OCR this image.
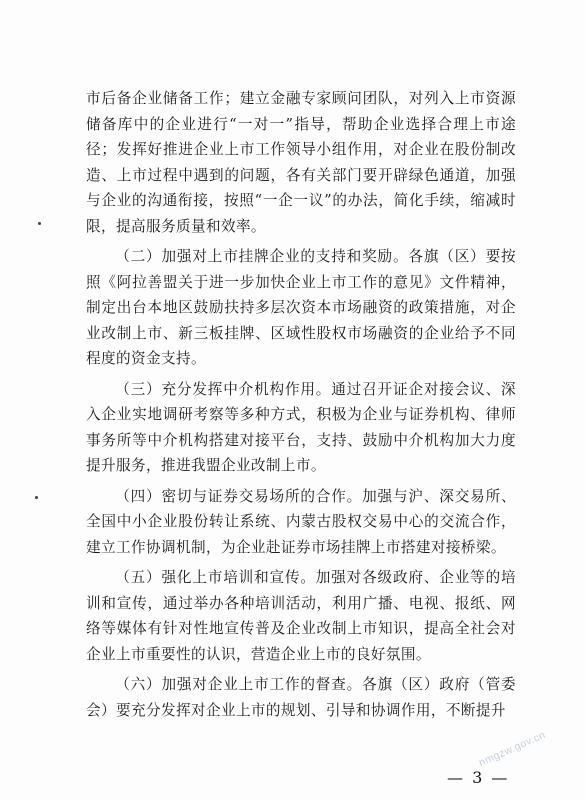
市后备企业储备工作；建立金融专家顾问团队，对列入上市资源储备库中的企业进行“一对一”指导，帮助企业选择合理上市途径；发挥好推进企业上市工作领导小组作用，对企业在股份制改造、上市过程中遇到的问题，各有关部门要开辟绿色通道，加强与企业的沟通衔接，按照“一企一议”的办法，简化手续，缩减时限，提高服务质量和效率。

（二）加强对上市挂牌企业的支持和奖励。各旗（区）要按照《阿拉善盟关于进一步加快企业上市工作的意见》文件精神，制定出台本地区鼓励扶持多层次资本市场融资的政策措施，对企业改制上市、新三板挂牌、区域性股权市场融资的企业给予不同程度的资金支持。

（三）充分发挥中介机构作用。通过召开证企对接会议、深入企业实地调研考察等多种方式，积极为企业与证券机构、律师事务所等中介机构搭建对接平台，支持、鼓励中介机构加大力度提升服务，推进我盟企业改制上市。

（四）密切与证券交易场所的合作。加强与沪、深交易所、全国中小企业股份转让系统、内蒙古股权交易中心的交流合作，建立工作协调机制，为企业赴证券市场挂牌上市搭建对接桥梁。

（五）强化上市培训和宣传。加强对各级政府、企业等的培训和宣传，通过举办各种培训活动，利用广播、电视、报纸、网络等媒体有针对性地宣传普及企业改制上市知识，提高全社会对企业上市重要性的认识，营造企业上市的良好氛围。

（六）加强对企业上市工作的督查。各旗（区）政府（管委会）要充分发挥对企业上市的规划、引导和协调作用，不断提升

— 3 —
nmgzw.gov.cn
